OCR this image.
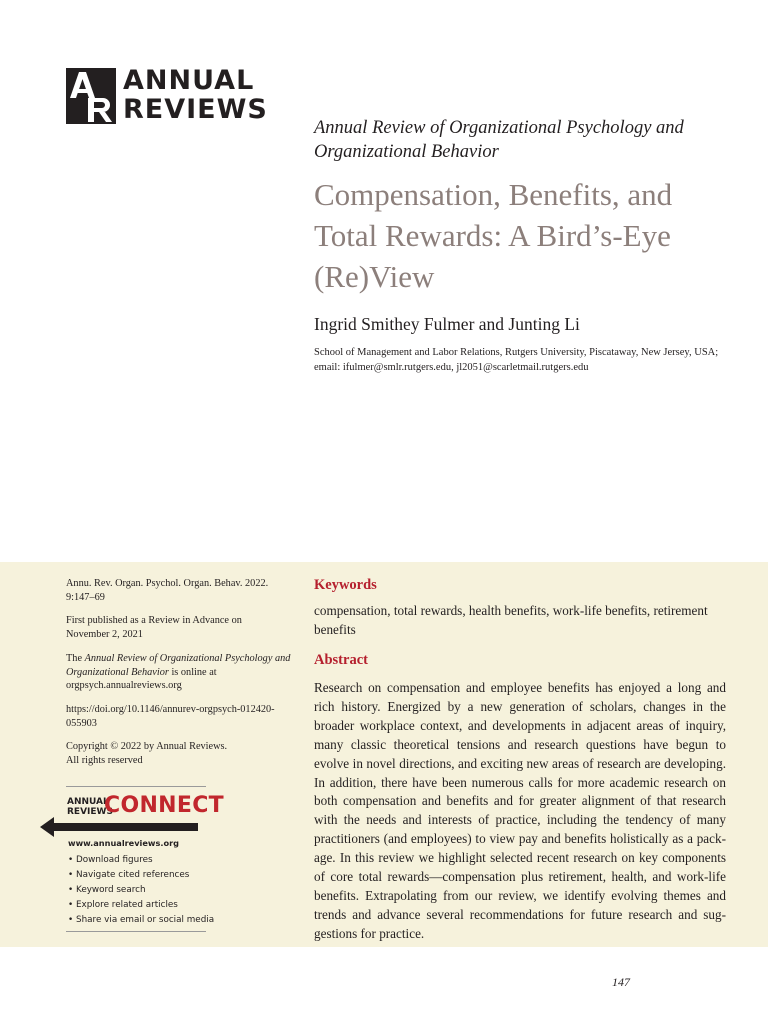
ANNUAL
REVIEWS
Annual Review of Organizational Psychology and
Organizational Behavior
Compensation, Benefits, and
Total Rewards: A Bird’s-Eye
(Re)View
Ingrid Smithey Fulmer and Junting Li
School of Management and Labor Relations, Rutgers University, Piscataway, New Jersey, USA;
email: ifulmer@smlr.rutgers.edu, jl2051@scarletmail.rutgers.edu
Annu. Rev. Organ. Psychol. Organ. Behav. 2022.
9:147–69
First published as a Review in Advance on
November 2, 2021
The Annual Review of Organizational Psychology and
Organizational Behavior is online at
orgpsych.annualreviews.org
https://doi.org/10.1146/annurev-orgpsych-012420-
055903
Copyright © 2022 by Annual Reviews.
All rights reserved
ANNUAL
REVIEWS
CONNECT
www.annualreviews.org
• Download figures
• Navigate cited references
• Keyword search
• Explore related articles
• Share via email or social media
Keywords
compensation, total rewards, health benefits, work-life benefits, retirement
benefits
Abstract
Research on compensation and employee benefits has enjoyed a long and
rich history. Energized by a new generation of scholars, changes in the
broader workplace context, and developments in adjacent areas of inquiry,
many classic theoretical tensions and research questions have begun to
evolve in novel directions, and exciting new areas of research are developing.
In addition, there have been numerous calls for more academic research on
both compensation and benefits and for greater alignment of that research
with the needs and interests of practice, including the tendency of many
practitioners (and employees) to view pay and benefits holistically as a pack-
age. In this review we highlight selected recent research on key components
of core total rewards—compensation plus retirement, health, and work-life
benefits. Extrapolating from our review, we identify evolving themes and
trends and advance several recommendations for future research and sug-
gestions for practice.
147
